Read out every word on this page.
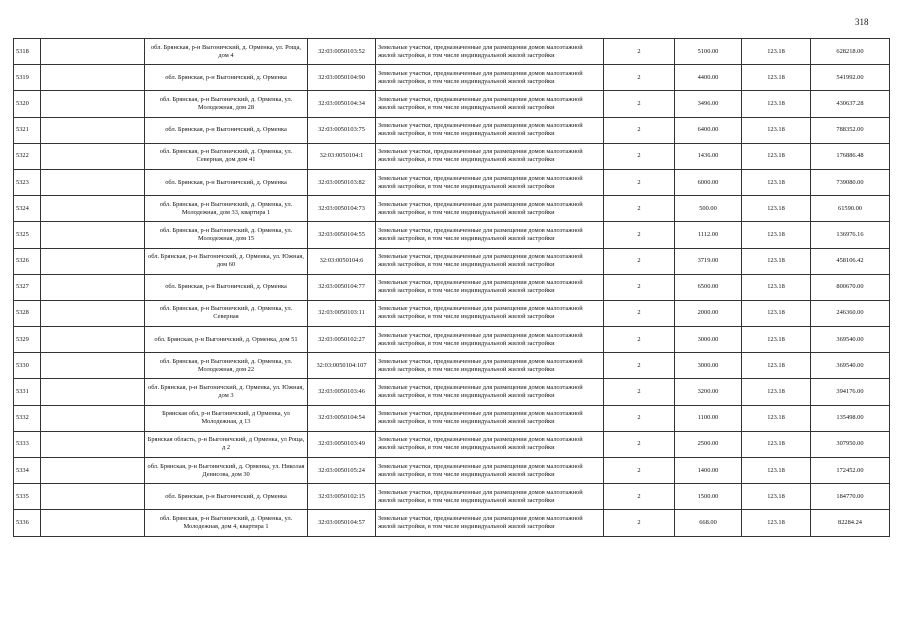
318
5318		обл. Брянская, р-н Выгоничский, д. Орменка, ул. Роща, дом 4	32:03:0050103:52	Земельные участки, предназначенные для размещения домов малоэтажной жилой застройки, в том числе индивидуальной жилой застройки	2	5100.00	123.18	628218.00
5319		обл. Брянская, р-н Выгоничский, д. Орменка	32:03:0050104:90	Земельные участки, предназначенные для размещения домов малоэтажной жилой застройки, в том числе индивидуальной жилой застройки	2	4400.00	123.18	541992.00
5320		обл. Брянская, р-н Выгоничский, д. Орменка, ул. Молодежная, дом 28	32:03:0050104:34	Земельные участки, предназначенные для размещения домов малоэтажной жилой застройки, в том числе индивидуальной жилой застройки	2	3496.00	123.18	430637.28
5321		обл. Брянская, р-н Выгоничский, д. Орменка	32:03:0050103:75	Земельные участки, предназначенные для размещения домов малоэтажной жилой застройки, в том числе индивидуальной жилой застройки	2	6400.00	123.18	788352.00
5322		обл. Брянская, р-н Выгоничский, д. Орменка, ул. Северная, дом дом 41	32:03:0050104:1	Земельные участки, предназначенные для размещения домов малоэтажной жилой застройки, в том числе индивидуальной жилой застройки	2	1436.00	123.18	176886.48
5323		обл. Брянская, р-н Выгоничский, д. Орменка	32:03:0050103:82	Земельные участки, предназначенные для размещения домов малоэтажной жилой застройки, в том числе индивидуальной жилой застройки	2	6000.00	123.18	739080.00
5324		обл. Брянская, р-н Выгоничский, д. Орменка, ул. Молодежная, дом 33, квартира 1	32:03:0050104:73	Земельные участки, предназначенные для размещения домов малоэтажной жилой застройки, в том числе индивидуальной жилой застройки	2	500.00	123.18	61590.00
5325		обл. Брянская, р-н Выгоничский, д. Орменка, ул. Молодежная, дом 15	32:03:0050104:55	Земельные участки, предназначенные для размещения домов малоэтажной жилой застройки, в том числе индивидуальной жилой застройки	2	1112.00	123.18	136976.16
5326		обл. Брянская, р-н Выгоничский, д. Орменка, ул. Южная, дом 60	32:03:0050104:6	Земельные участки, предназначенные для размещения домов малоэтажной жилой застройки, в том числе индивидуальной жилой застройки	2	3719.00	123.18	458106.42
5327		обл. Брянская, р-н Выгоничский, д. Орменка	32:03:0050104:77	Земельные участки, предназначенные для размещения домов малоэтажной жилой застройки, в том числе индивидуальной жилой застройки	2	6500.00	123.18	800670.00
5328		обл. Брянская, р-н Выгоничский, д. Орменка, ул. Северная	32:03:0050103:11	Земельные участки, предназначенные для размещения домов малоэтажной жилой застройки, в том числе индивидуальной жилой застройки	2	2000.00	123.18	246360.00
5329		обл. Брянская, р-н Выгоничский, д. Орменка, дом 51	32:03:0050102:27	Земельные участки, предназначенные для размещения домов малоэтажной жилой застройки, в том числе индивидуальной жилой застройки	2	3000.00	123.18	369540.00
5330		обл. Брянская, р-н Выгоничский, д. Орменка, ул. Молодежная, дом 22	32:03:0050104:107	Земельные участки, предназначенные для размещения домов малоэтажной жилой застройки, в том числе индивидуальной жилой застройки	2	3000.00	123.18	369540.00
5331		обл. Брянская, р-н Выгоничский, д. Орменка, ул. Южная, дом 3	32:03:0050103:46	Земельные участки, предназначенные для размещения домов малоэтажной жилой застройки, в том числе индивидуальной жилой застройки	2	3200.00	123.18	394176.00
5332		Брянская обл, р-н Выгоничский, д Орменка, ул Молодежная, д 13	32:03:0050104:54	Земельные участки, предназначенные для размещения домов малоэтажной жилой застройки, в том числе индивидуальной жилой застройки	2	1100.00	123.18	135498.00
5333		Брянская область, р-н Выгоничский, д Орменка, ул Роща, д 2	32:03:0050103:49	Земельные участки, предназначенные для размещения домов малоэтажной жилой застройки, в том числе индивидуальной жилой застройки	2	2500.00	123.18	307950.00
5334		обл. Брянская, р-н Выгоничский, д. Орменка, ул. Николая Денисова, дом 30	32:03:0050105:24	Земельные участки, предназначенные для размещения домов малоэтажной жилой застройки, в том числе индивидуальной жилой застройки	2	1400.00	123.18	172452.00
5335		обл. Брянская, р-н Выгоничский, д. Орменка	32:03:0050102:15	Земельные участки, предназначенные для размещения домов малоэтажной жилой застройки, в том числе индивидуальной жилой застройки	2	1500.00	123.18	184770.00
5336		обл. Брянская, р-н Выгоничский, д. Орменка, ул. Молодежная, дом 4, квартира 1	32:03:0050104:57	Земельные участки, предназначенные для размещения домов малоэтажной жилой застройки, в том числе индивидуальной жилой застройки	2	668.00	123.18	82284.24
